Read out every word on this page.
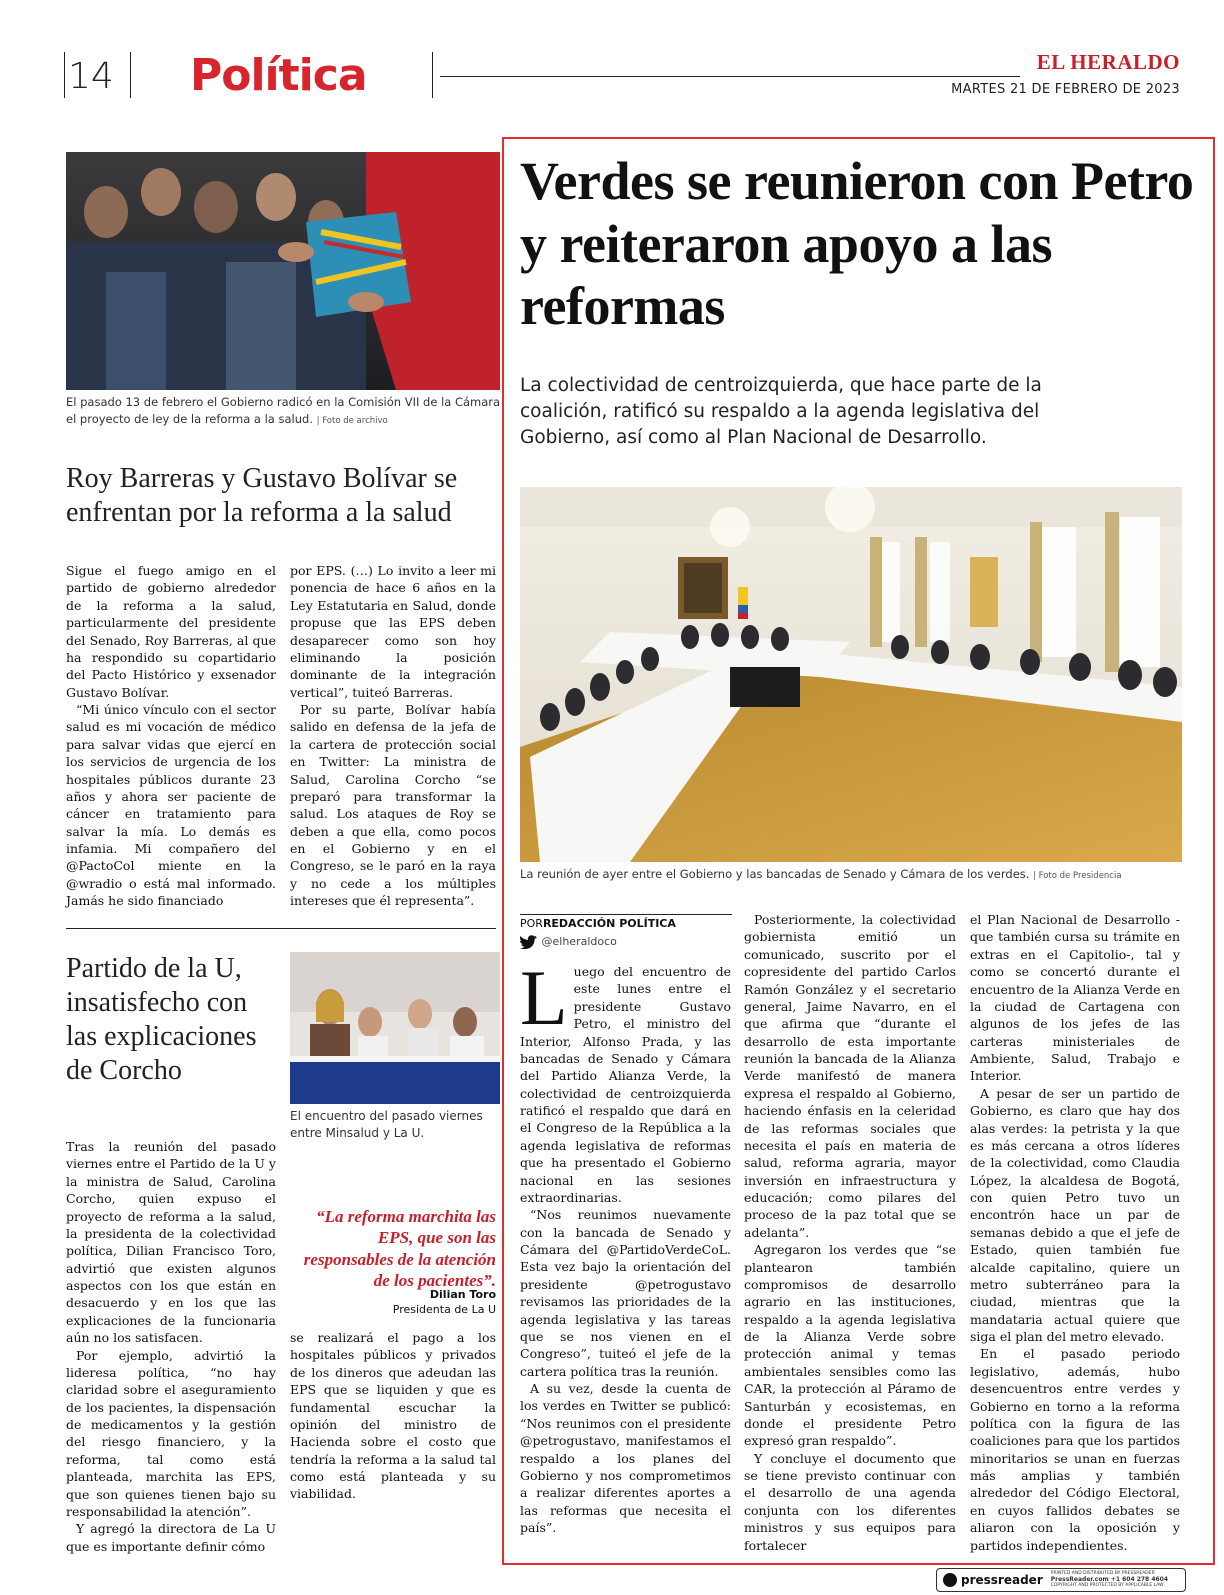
14 Política	EL HERALDO
MARTES 21 DE FEBRERO DE 2023
El pasado 13 de febrero el Gobierno radicó en la Comisión VII de la Cámara el proyecto de ley de la reforma a la salud. | Foto de archivo
Roy Barreras y Gustavo Bolívar se enfrentan por la reforma a la salud

Sigue el fuego amigo en el partido de gobierno alrededor de la reforma a la salud, particularmente del presidente del Senado, Roy Barreras, al que ha respondido su copartidario del Pacto Histórico y exsenador Gustavo Bolívar.

“Mi único vínculo con el sector salud es mi vocación de médico para salvar vidas que ejercí en los servicios de urgencia de los hospitales públicos durante 23 años y ahora ser paciente de cáncer en tratamiento para salvar la mía. Lo demás es infamia. Mi compañero del @PactoCol miente en la @wradio o está mal informado. Jamás he sido financiado

por EPS. (…) Lo invito a leer mi ponencia de hace 6 años en la Ley Estatutaria en Salud, donde propuse que las EPS deben desaparecer como son hoy eliminando la posición dominante de la integración vertical”, tuiteó Barreras.

Por su parte, Bolívar había salido en defensa de la jefa de la cartera de protección social en Twitter: La ministra de Salud, Carolina Corcho “se preparó para transformar la salud. Los ataques de Roy se deben a que ella, como pocos en el Gobierno y en el Congreso, se le paró en la raya y no cede a los múltiples intereses que él representa”.

Partido de la U, insatisfecho con las explicaciones de Corcho
El encuentro del pasado viernes entre Minsalud y La U.
“La reforma marchita las EPS, que son las responsables de la atención de los pacientes”.
Dilian Toro
Presidenta de La U

Tras la reunión del pasado viernes entre el Partido de la U y la ministra de Salud, Carolina Corcho, quien expuso el proyecto de reforma a la salud, la presidenta de la colectividad política, Dilian Francisco Toro, advirtió que existen algunos aspectos con los que están en desacuerdo y en los que las explicaciones de la funcionaria aún no los satisfacen.

Por ejemplo, advirtió la lideresa política, “no hay claridad sobre el aseguramiento de los pacientes, la dispensación de medicamentos y la gestión del riesgo financiero, y la reforma, tal como está planteada, marchita las EPS, que son quienes tienen bajo su responsabilidad la atención”.

Y agregó la directora de La U que es importante definir cómo

se realizará el pago a los hospitales públicos y privados de los dineros que adeudan las EPS que se liquiden y que es fundamental escuchar la opinión del ministro de Hacienda sobre el costo que tendría la reforma a la salud tal como está planteada y su viabilidad.

Verdes se reunieron con Petro y reiteraron apoyo a las reformas
La colectividad de centroizquierda, que hace parte de la coalición, ratificó su respaldo a la agenda legislativa del Gobierno, así como al Plan Nacional de Desarrollo.
La reunión de ayer entre el Gobierno y las bancadas de Senado y Cámara de los verdes. | Foto de Presidencia
PORREDACCIÓN POLÍTICA
@elheraldoco
L uego del encuentro de este lunes entre el presidente Gustavo Petro, el ministro del Interior, Alfonso Prada, y las bancadas de Senado y Cámara del Partido Alianza Verde, la colectividad de centroizquierda ratificó el respaldo que dará en el Congreso de la República a la agenda legislativa de reformas que ha presentado el Gobierno nacional en las sesiones extraordinarias.

“Nos reunimos nuevamente con la bancada de Senado y Cámara del @PartidoVerdeCoL. Esta vez bajo la orientación del presidente @petrogustavo revisamos las prioridades de la agenda legislativa y las tareas que se nos vienen en el Congreso”, tuiteó el jefe de la cartera política tras la reunión.

A su vez, desde la cuenta de los verdes en Twitter se publicó: “Nos reunimos con el presidente @petrogustavo, manifestamos el respaldo a los planes del Gobierno y nos comprometimos a realizar diferentes aportes a las reformas que necesita el país”.

Posteriormente, la colectividad gobiernista emitió un comunicado, suscrito por el copresidente del partido Carlos Ramón González y el secretario general, Jaime Navarro, en el que afirma que “durante el desarrollo de esta importante reunión la bancada de la Alianza Verde manifestó de manera expresa el respaldo al Gobierno, haciendo énfasis en la celeridad de las reformas sociales que necesita el país en materia de salud, reforma agraria, mayor inversión en infraestructura y educación; como pilares del proceso de la paz total que se adelanta”.

Agregaron los verdes que “se plantearon también compromisos de desarrollo agrario en las instituciones, respaldo a la agenda legislativa de la Alianza Verde sobre protección animal y temas ambientales sensibles como las CAR, la protección al Páramo de Santurbán y ecosistemas, en donde el presidente Petro expresó gran respaldo”.

Y concluye el documento que se tiene previsto continuar con el desarrollo de una agenda conjunta con los diferentes ministros y sus equipos para fortalecer

el Plan Nacional de Desarrollo -que también cursa su trámite en extras en el Capitolio-, tal y como se concertó durante el encuentro de la Alianza Verde en la ciudad de Cartagena con algunos de los jefes de las carteras ministeriales de Ambiente, Salud, Trabajo e Interior.

A pesar de ser un partido de Gobierno, es claro que hay dos alas verdes: la petrista y la que es más cercana a otros líderes de la colectividad, como Claudia López, la alcaldesa de Bogotá, con quien Petro tuvo un encontrón hace un par de semanas debido a que el jefe de Estado, quien también fue alcalde capitalino, quiere un metro subterráneo para la ciudad, mientras que la mandataria actual quiere que siga el plan del metro elevado.

En el pasado periodo legislativo, además, hubo desencuentros entre verdes y Gobierno en torno a la reforma política con la figura de las coaliciones para que los partidos minoritarios se unan en fuerzas más amplias y también alrededor del Código Electoral, en cuyos fallidos debates se aliaron con la oposición y partidos independientes.

pressreader PRINTED AND DISTRIBUTED BY PRESSREADER
PressReader.com +1 604 278 4604
COPYRIGHT AND PROTECTED BY APPLICABLE LAW
